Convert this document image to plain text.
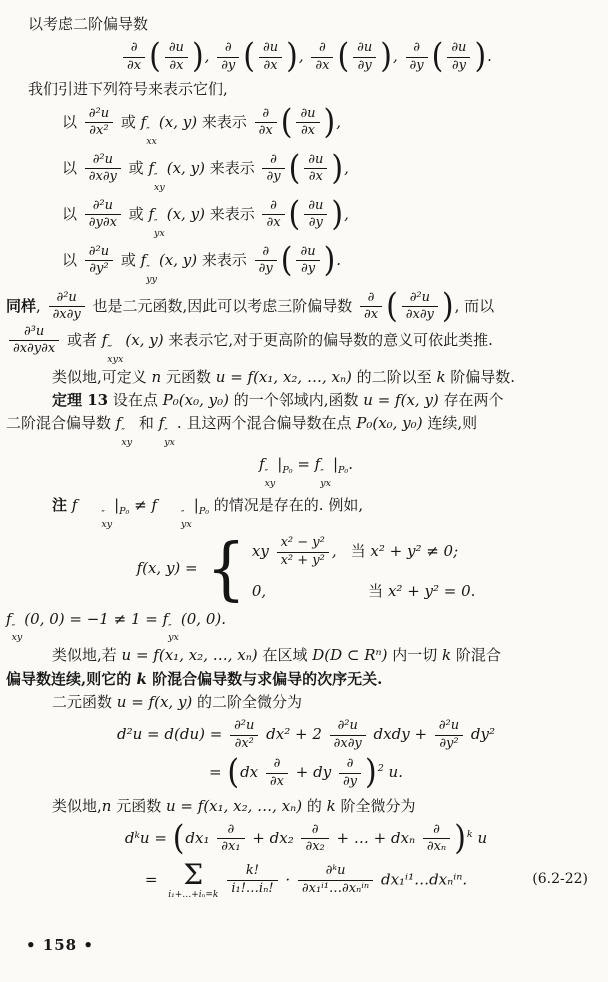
以考虑二阶偏导数
$\frac{\partial}{\partial x}$ ( $\frac{\partial u}{\partial x}$ ), $\frac{\partial}{\partial y}$ ( $\frac{\partial u}{\partial x}$ ), $\frac{\partial}{\partial x}$ ( $\frac{\partial u}{\partial y}$ ), $\frac{\partial}{\partial y}$ ( $\frac{\partial u}{\partial y}$ ).
我们引进下列符号来表示它们,
以 $\frac{\text{∂²u}}{\text{∂x²}}$ 或 f
″
xx
(x, y) 来表示 $\frac{\partial}{\partial x}$ ( $\frac{\partial u}{\partial x}$ ),
以 $\frac{\text{∂²u}}{\partial x\partial y}$ 或 f
″
xy
(x, y) 来表示 $\frac{\partial}{\partial y}$ ( $\frac{\partial u}{\partial x}$ ),
以 $\frac{\text{∂²u}}{\partial y\partial x}$ 或 f
″
yx
(x, y) 来表示 $\frac{\partial}{\partial x}$ ( $\frac{\partial u}{\partial y}$ ),
以 $\frac{\text{∂²u}}{\text{∂y²}}$ 或 f
″
yy
(x, y) 来表示 $\frac{\partial}{\partial y}$ ( $\frac{\partial u}{\partial y}$ ).
同样, $\frac{\text{∂²u}}{\partial x\partial y}$ 也是二元函数,因此可以考虑三阶偏导数 $\frac{\partial}{\partial x}$ ( $\frac{\text{∂²u}}{\partial x\partial y}$ ), 而以
$\frac{\text{∂³u}}{\partial x\partial y\partial x}$ 或者 f
‴
xyx
(x, y) 来表示它,对于更高阶的偏导数的意义可依此类推.
类似地,可定义 n 元函数 u = f(x₁, x₂, …, xₙ) 的二阶以至 k 阶偏导数.
定理 13 设在点 P₀(x₀, y₀) 的一个邻域内,函数 u = f(x, y) 存在两个
二阶混合偏导数 f
″
xy
和 f
″
yx
. 且这两个混合偏导数在点 P₀(x₀, y₀) 连续,则
f
″
xy
$|_{P_0} = f$
″
yx
$|_{P_0}$.
注 f
″
xy
$|_{P_0} \ne f$
″
yx
$|_{P_0}$ 的情况是存在的. 例如,
f(x, y) = { xy $\frac{\text{x² − y²}}{\text{x² + y²}}$ , 当 x² + y² ≠ 0;
0,	当 x² + y² = 0.
f
″
xy
(0, 0) = −1 ≠ 1 = f
″
yx
(0, 0).
类似地,若 u = f(x₁, x₂, …, xₙ) 在区域 D(D ⊂ Rⁿ) 内一切 k 阶混合
偏导数连续,则它的 k 阶混合偏导数与求偏导的次序无关.
二元函数 u = f(x, y) 的二阶全微分为
$d^2u = d(du) = \frac{\text{∂²u}}{\text{∂x²}} dx^2 + 2 \frac{\text{∂²u}}{\partial x\partial y}$ dxdy + $\frac{\text{∂²u}}{\text{∂y²}} dy^2$
= ($dx \frac{\partial}{\partial x}$ + dy $\frac{\partial}{\partial y} )^2$ u.
类似地,n 元函数 u = f(x₁, x₂, …, xₙ) 的 k 阶全微分为
dᵏu = ($dx_1 \frac{\partial}{\text{∂x₁}} + dx_2 \frac{\partial}{\text{∂x₂}}$ + … + dxₙ $\frac{\partial}{\text{∂xₙ}} )^k$ u
= Σ
i₁+…+iₙ=k $\frac{k!}{\text{i₁!…iₙ!}} \cdot \frac{\text{∂ᵏu}}{\text{∂x₁ⁱ¹…∂xₙⁱⁿ}}$ dx₁ⁱ¹…dxₙⁱⁿ.	(6.2-22)
• 158 •
